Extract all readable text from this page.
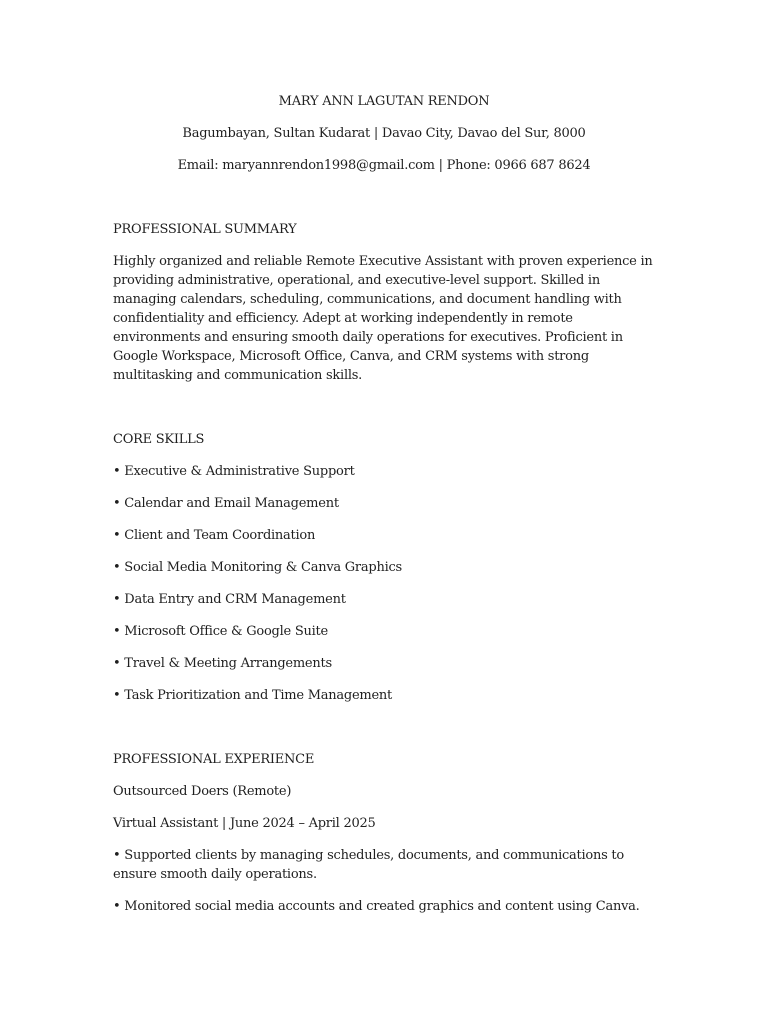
MARY ANN LAGUTAN RENDON
Bagumbayan, Sultan Kudarat | Davao City, Davao del Sur, 8000
Email: maryannrendon1998@gmail.com | Phone: 0966 687 8624
PROFESSIONAL SUMMARY

Highly organized and reliable Remote Executive Assistant with proven experience in providing administrative, operational, and executive-level support. Skilled in managing calendars, scheduling, communications, and document handling with confidentiality and efficiency. Adept at working independently in remote environments and ensuring smooth daily operations for executives. Proficient in Google Workspace, Microsoft Office, Canva, and CRM systems with strong multitasking and communication skills.

CORE SKILLS
• Executive & Administrative Support
• Calendar and Email Management
• Client and Team Coordination
• Social Media Monitoring & Canva Graphics
• Data Entry and CRM Management
• Microsoft Office & Google Suite
• Travel & Meeting Arrangements
• Task Prioritization and Time Management
PROFESSIONAL EXPERIENCE
Outsourced Doers (Remote)
Virtual Assistant | June 2024 – April 2025
• Supported clients by managing schedules, documents, and communications to ensure smooth daily operations.
• Monitored social media accounts and created graphics and content using Canva.
